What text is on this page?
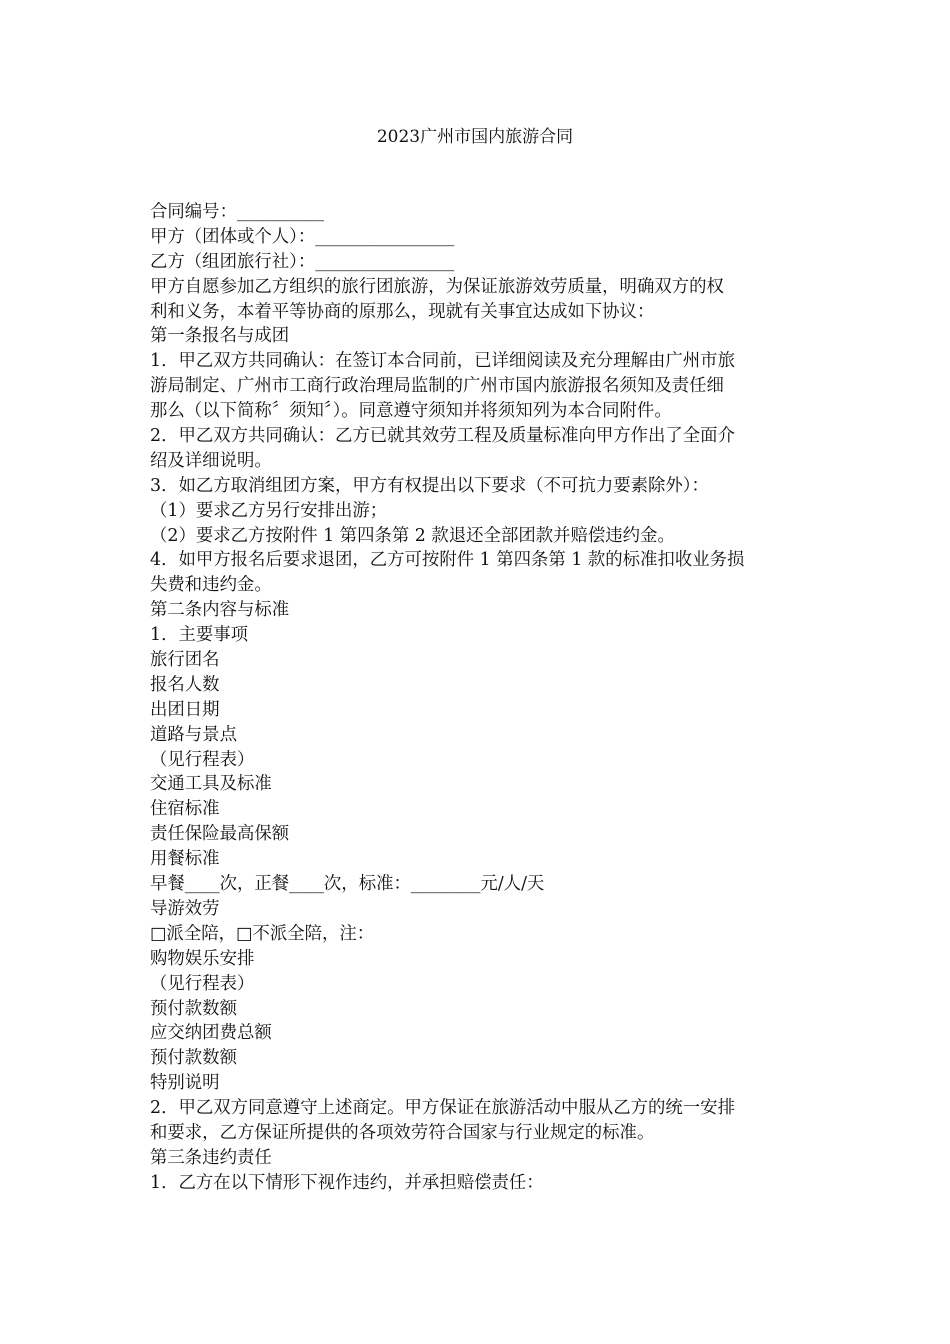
2023广州市国内旅游合同
合同编号：__________
甲方（团体或个人）：________________
乙方（组团旅行社）：________________
甲方自愿参加乙方组织的旅行团旅游，为保证旅游效劳质量，明确双方的权
利和义务，本着平等协商的原那么，现就有关事宜达成如下协议：
第一条报名与成团
1．甲乙双方共同确认：在签订本合同前，已详细阅读及充分理解由广州市旅
游局制定、广州市工商行政治理局监制的广州市国内旅游报名须知及责任细
那么（以下简称〞须知〞）。同意遵守须知并将须知列为本合同附件。
2．甲乙双方共同确认：乙方已就其效劳工程及质量标准向甲方作出了全面介
绍及详细说明。
3．如乙方取消组团方案，甲方有权提出以下要求（不可抗力要素除外）：
（1）要求乙方另行安排出游；
（2）要求乙方按附件 1 第四条第 2 款退还全部团款并赔偿违约金。
4．如甲方报名后要求退团，乙方可按附件 1 第四条第 1 款的标准扣收业务损
失费和违约金。
第二条内容与标准
1．主要事项
旅行团名
报名人数
出团日期
道路与景点
（见行程表）
交通工具及标准
住宿标准
责任保险最高保额
用餐标准
早餐____次，正餐____次，标准：________元/人/天
导游效劳
□派全陪，□不派全陪，注：
购物娱乐安排
（见行程表）
预付款数额
应交纳团费总额
预付款数额
特别说明
2．甲乙双方同意遵守上述商定。甲方保证在旅游活动中服从乙方的统一安排
和要求，乙方保证所提供的各项效劳符合国家与行业规定的标准。
第三条违约责任
1．乙方在以下情形下视作违约，并承担赔偿责任：
